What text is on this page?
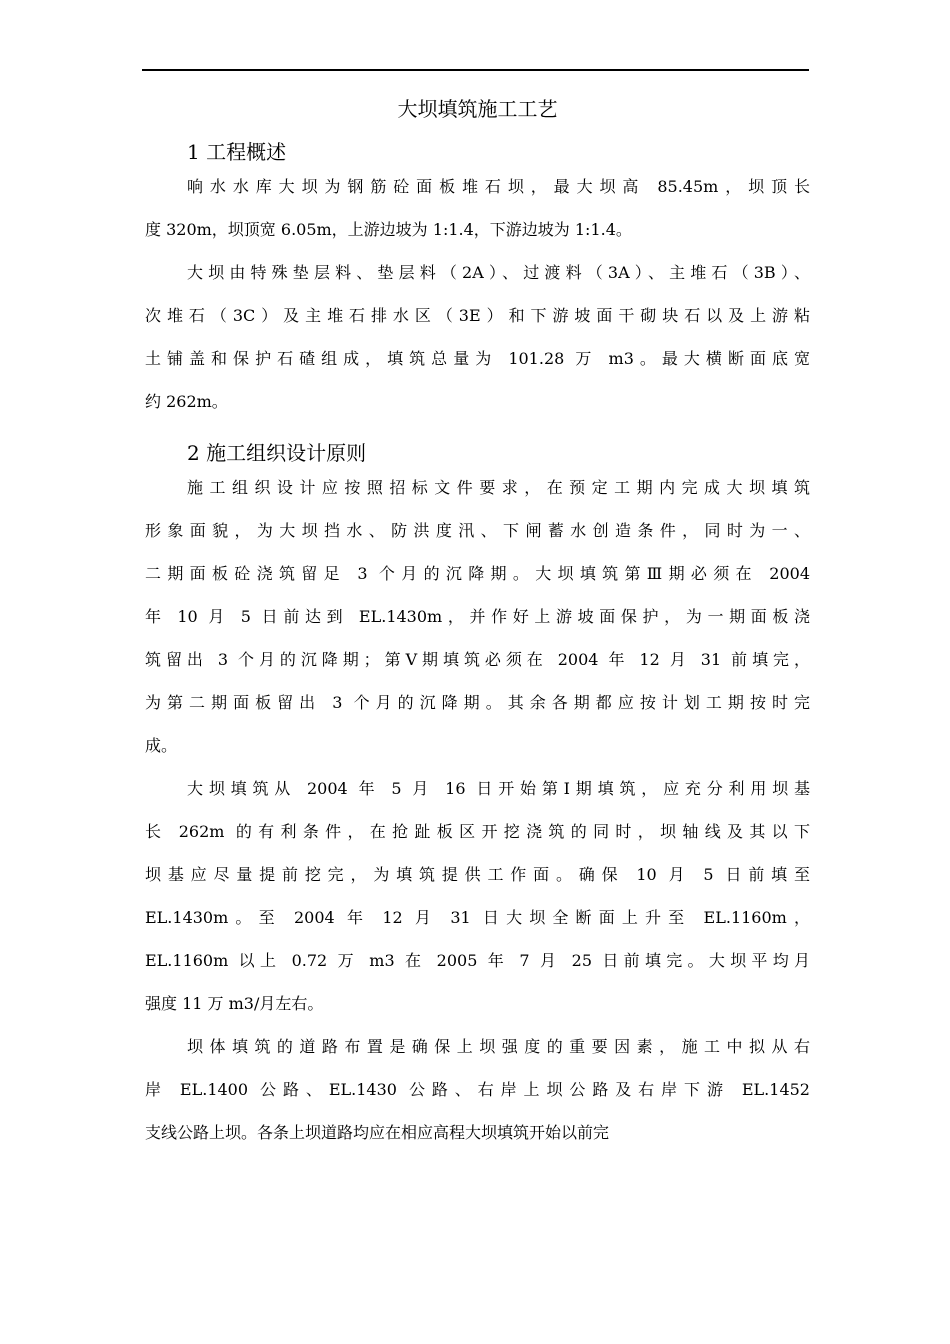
大坝填筑施工工艺
1 工程概述
响水水库大坝为钢筋砼面板堆石坝，最大坝高 85.45m，坝顶长
度 320m，坝顶宽 6.05m，上游边坡为 1:1.4，下游边坡为 1:1.4。
大坝由特殊垫层料、垫层料（2A）、过渡料（3A）、主堆石（3B）、
次堆石（3C）及主堆石排水区（3E）和下游坡面干砌块石以及上游粘
土铺盖和保护石碴组成，填筑总量为 101.28 万 m3。最大横断面底宽
约 262m。
2 施工组织设计原则
施工组织设计应按照招标文件要求，在预定工期内完成大坝填筑
形象面貌，为大坝挡水、防洪度汛、下闸蓄水创造条件，同时为一、
二期面板砼浇筑留足 3 个月的沉降期。大坝填筑第Ⅲ期必须在 2004
年 10 月 5 日前达到 EL.1430m，并作好上游坡面保护，为一期面板浇
筑留出 3 个月的沉降期；第Ⅴ期填筑必须在 2004 年 12 月 31 前填完，
为第二期面板留出 3 个月的沉降期。其余各期都应按计划工期按时完
成。
大坝填筑从 2004 年 5 月 16 日开始第Ⅰ期填筑，应充分利用坝基
长 262m 的有利条件，在抢趾板区开挖浇筑的同时，坝轴线及其以下
坝基应尽量提前挖完，为填筑提供工作面。确保 10 月 5 日前填至
EL.1430m。至 2004 年 12 月 31 日大坝全断面上升至 EL.1160m，
EL.1160m 以上 0.72 万 m3 在 2005 年 7 月 25 日前填完。大坝平均月
强度 11 万 m3/月左右。
坝体填筑的道路布置是确保上坝强度的重要因素，施工中拟从右
岸 EL.1400 公路、EL.1430 公路、右岸上坝公路及右岸下游 EL.1452
支线公路上坝。各条上坝道路均应在相应高程大坝填筑开始以前完
